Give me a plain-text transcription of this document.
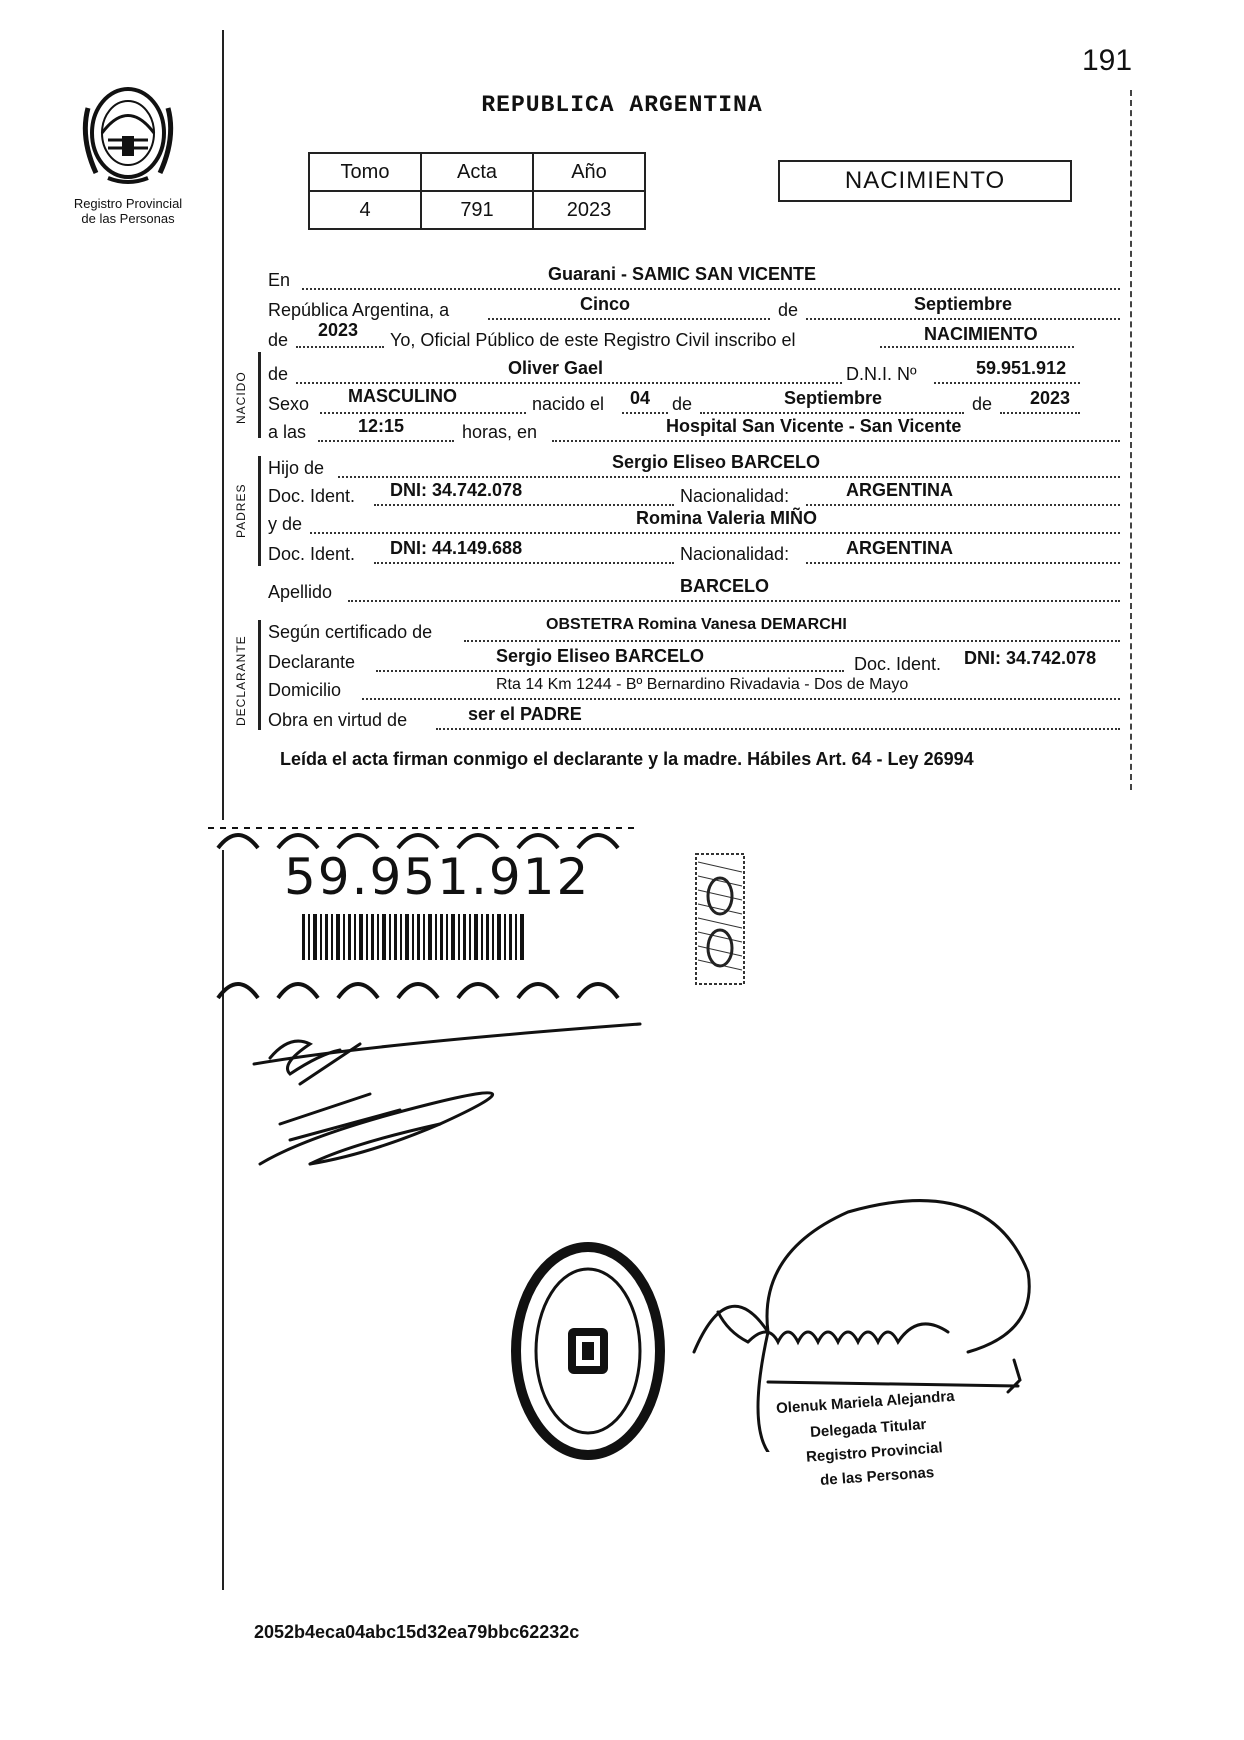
191
Registro Provincial
de las Personas
REPUBLICA ARGENTINA
Tomo	Acta	Año
4	791	2023
NACIMIENTO
NACIDO
PADRES
DECLARANTE
En	Guarani - SAMIC SAN VICENTE
República Argentina, a	Cinco	de	Septiembre
de 2023 Yo, Oficial Público de este Registro Civil inscribo el	NACIMIENTO
de	Oliver Gael	D.N.I. Nº	59.951.912
Sexo MASCULINO	nacido el 04 de	Septiembre	de 2023
a las	12:15	horas, en	Hospital San Vicente - San Vicente
Hijo de	Sergio Eliseo BARCELO
Doc. Ident. DNI: 34.742.078	Nacionalidad:	ARGENTINA
y de	Romina Valeria MIÑO
Doc. Ident. DNI: 44.149.688	Nacionalidad:	ARGENTINA
Apellido	BARCELO
Según certificado de	OBSTETRA Romina Vanesa DEMARCHI
Declarante	Sergio Eliseo BARCELO	Doc. Ident. DNI: 34.742.078
Domicilio	Rta 14 Km 1244 - Bº Bernardino Rivadavia - Dos de Mayo
Obra en virtud de	ser el PADRE
Leída el acta firman conmigo el declarante y la madre. Hábiles Art. 64 - Ley 26994
59.951.912
Olenuk Mariela Alejandra
Delegada Titular
Registro Provincial
de las Personas
2052b4eca04abc15d32ea79bbc62232c
